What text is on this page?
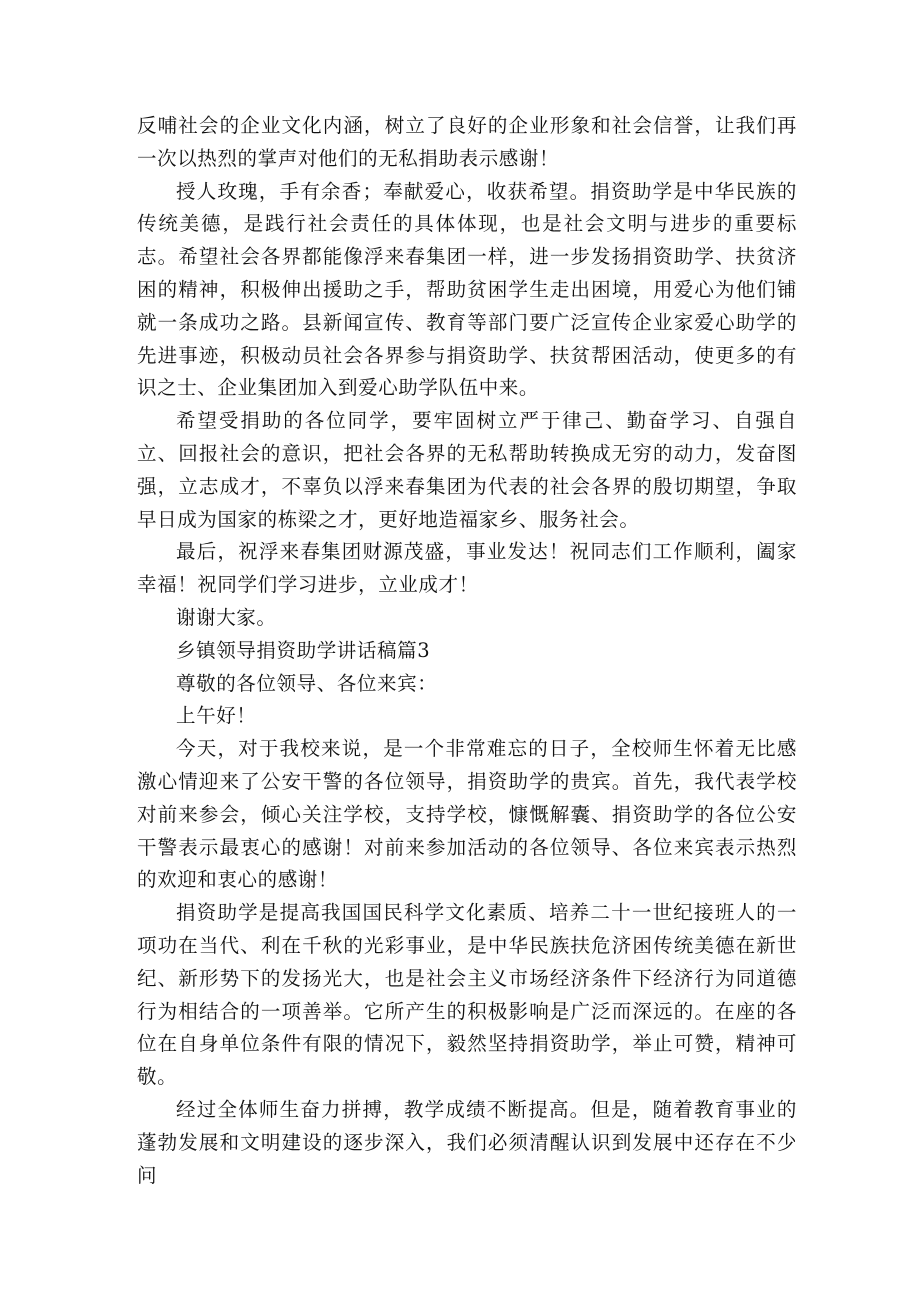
反哺社会的企业文化内涵，树立了良好的企业形象和社会信誉，让我们再一次以热烈的掌声对他们的无私捐助表示感谢！

授人玫瑰，手有余香；奉献爱心，收获希望。捐资助学是中华民族的传统美德，是践行社会责任的具体体现，也是社会文明与进步的重要标志。希望社会各界都能像浮来春集团一样，进一步发扬捐资助学、扶贫济困的精神，积极伸出援助之手，帮助贫困学生走出困境，用爱心为他们铺就一条成功之路。县新闻宣传、教育等部门要广泛宣传企业家爱心助学的先进事迹，积极动员社会各界参与捐资助学、扶贫帮困活动，使更多的有识之士、企业集团加入到爱心助学队伍中来。

希望受捐助的各位同学，要牢固树立严于律己、勤奋学习、自强自立、回报社会的意识，把社会各界的无私帮助转换成无穷的动力，发奋图强，立志成才，不辜负以浮来春集团为代表的社会各界的殷切期望，争取早日成为国家的栋梁之才，更好地造福家乡、服务社会。

最后，祝浮来春集团财源茂盛，事业发达！祝同志们工作顺利，阖家幸福！祝同学们学习进步，立业成才！

谢谢大家。

乡镇领导捐资助学讲话稿篇3

尊敬的各位领导、各位来宾：

上午好！

今天，对于我校来说，是一个非常难忘的日子，全校师生怀着无比感激心情迎来了公安干警的各位领导，捐资助学的贵宾。首先，我代表学校对前来参会，倾心关注学校，支持学校，慷慨解囊、捐资助学的各位公安干警表示最衷心的感谢！对前来参加活动的各位领导、各位来宾表示热烈的欢迎和衷心的感谢！

捐资助学是提高我国国民科学文化素质、培养二十一世纪接班人的一项功在当代、利在千秋的光彩事业，是中华民族扶危济困传统美德在新世纪、新形势下的发扬光大，也是社会主义市场经济条件下经济行为同道德行为相结合的一项善举。它所产生的积极影响是广泛而深远的。在座的各位在自身单位条件有限的情况下，毅然坚持捐资助学，举止可赞，精神可敬。

经过全体师生奋力拼搏，教学成绩不断提高。但是，随着教育事业的蓬勃发展和文明建设的逐步深入，我们必须清醒认识到发展中还存在不少问
